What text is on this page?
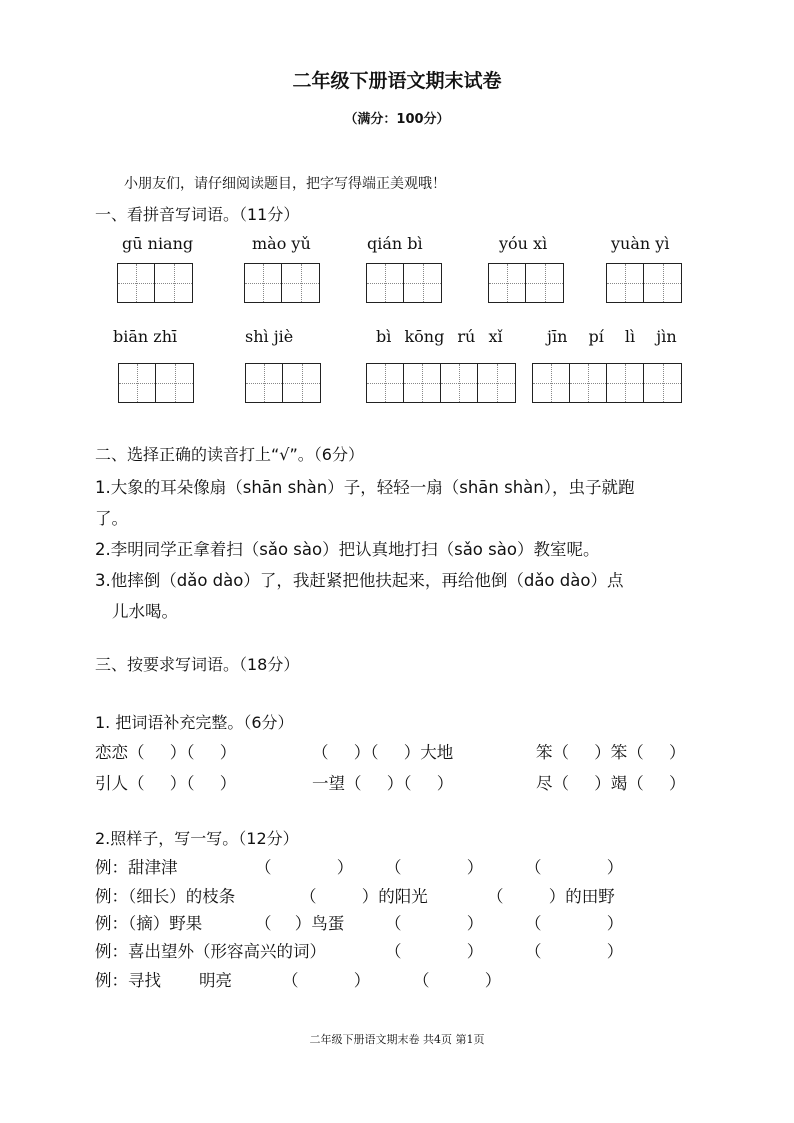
二年级下册语文期末试卷
（满分：100分）
小朋友们，请仔细阅读题目，把字写得端正美观哦！
一、看拼音写词语。（11分）
gū niang	mào yǔ	qián bì	yóu xì	yuàn yì
biān zhī	shì jiè	bì kōng rú xǐ	jīn pí lì jìn
二、选择正确的读音打上“√”。（6分）
1.大象的耳朵像扇（shān shàn）子，轻轻一扇（shān shàn），虫子就跑
了。
2.李明同学正拿着扫（sǎo sào）把认真地打扫（sǎo sào）教室呢。
3.他摔倒（dǎo dào）了，我赶紧把他扶起来，再给他倒（dǎo dào）点
儿水喝。
三、按要求写词语。（18分）
1. 把词语补充完整。（6分）
恋恋（ ）（ ）	（ ）（ ）大地	笨（ ）笨（ ）
引人（ ）（ ）	一望（ ）（ ）	尽（ ）竭（ ）
2.照样子，写一写。（12分）
例：甜津津	（ ） （ ）	（ ）
例：（细长）的枝条	（ ）的阳光	（ ）的田野
例：（摘）野果	（ ）鸟蛋 （ ）	（ ）
例：喜出望外（形容高兴的词）	（ ）	（ ）
例：寻找 明亮	（ ）	（ ）
二年级下册语文期末卷 共4页 第1页
